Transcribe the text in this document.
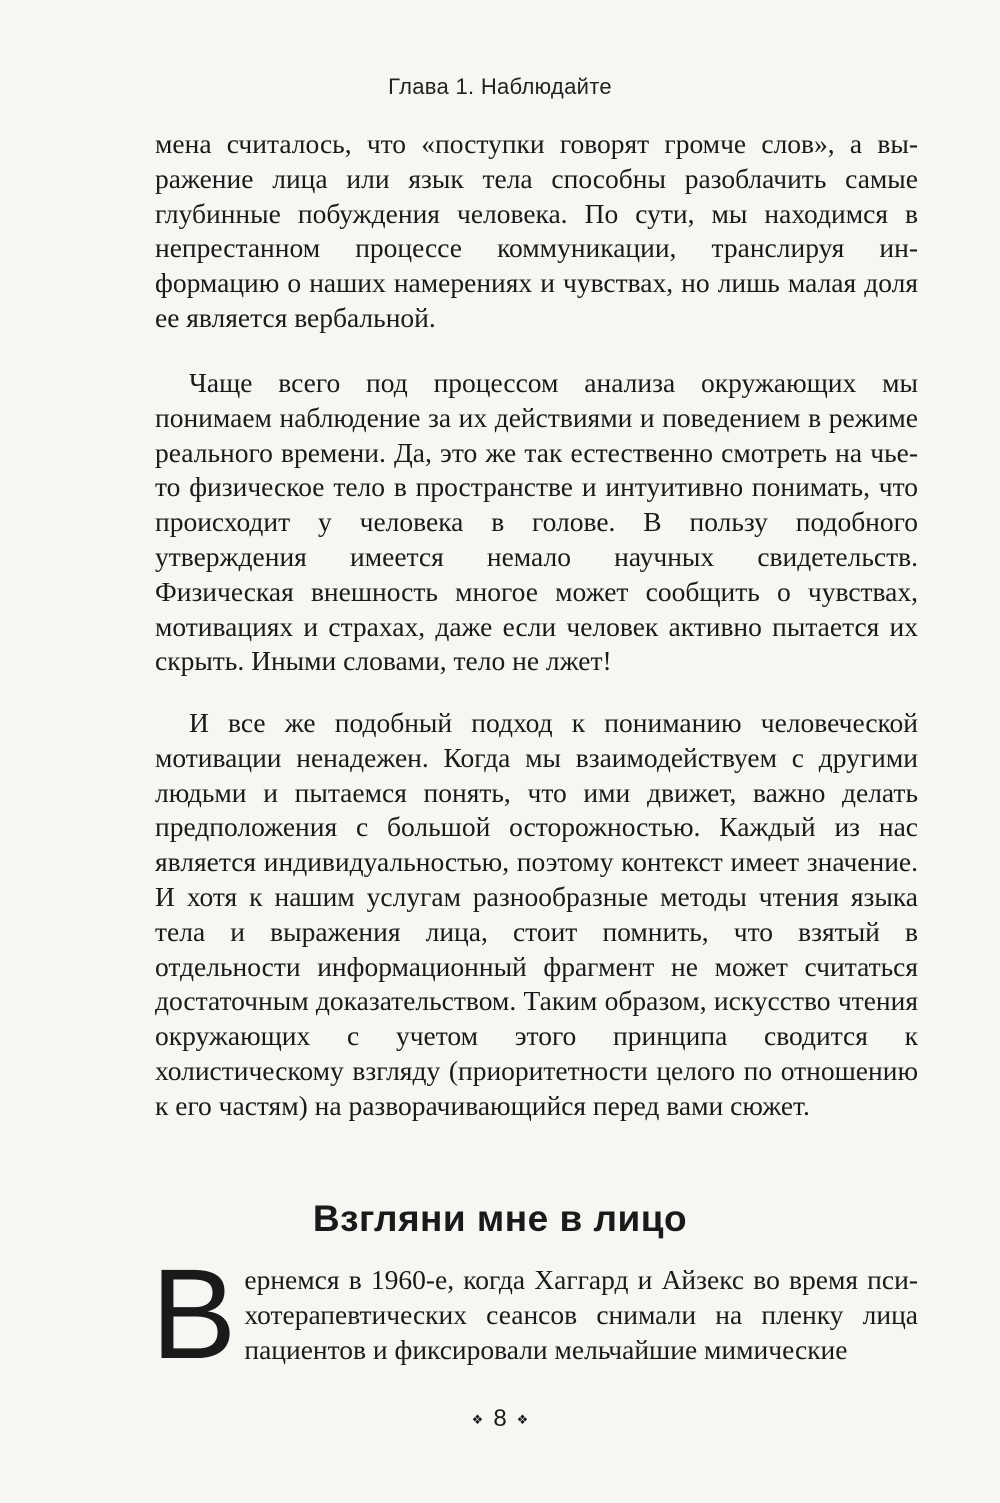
Глава 1. Наблюдайте

мена считалось, что «поступки говорят громче слов», а выражение лица или язык тела способны разоблачить самые глубинные побуждения человека. По сути, мы находимся в непрестанном процессе коммуникации, транслируя информацию о наших намерениях и чувствах, но лишь малая доля ее является вербальной.

Чаще всего под процессом анализа окружающих мы понимаем наблюдение за их действиями и поведением в режиме реального времени. Да, это же так естественно смотреть на чье-то физическое тело в пространстве и интуитивно понимать, что происходит у человека в голове. В пользу подобного утверждения имеется немало научных свидетельств. Физическая внешность многое может сообщить о чувствах, мотивациях и страхах, даже если человек активно пытается их скрыть. Иными словами, тело не лжет!

И все же подобный подход к пониманию человеческой мотивации ненадежен. Когда мы взаимодействуем с другими людьми и пытаемся понять, что ими движет, важно делать предположения с большой осторожностью. Каждый из нас является индивидуальностью, поэтому контекст имеет значение. И хотя к нашим услугам разнообразные методы чтения языка тела и выражения лица, стоит помнить, что взятый в отдельности информационный фрагмент не может считаться достаточным доказательством. Таким образом, искусство чтения окружающих с учетом этого принципа сводится к холистическому взгляду (приоритетности целого по отношению к его частям) на разворачивающийся перед вами сюжет.

Взгляни мне в лицо
Вернемся в 1960-е, когда Хаггард и Айзекс во время психотерапевтических сеансов снимали на пленку лица пациентов и фиксировали мельчайшие мимические
❖ 8 ❖
